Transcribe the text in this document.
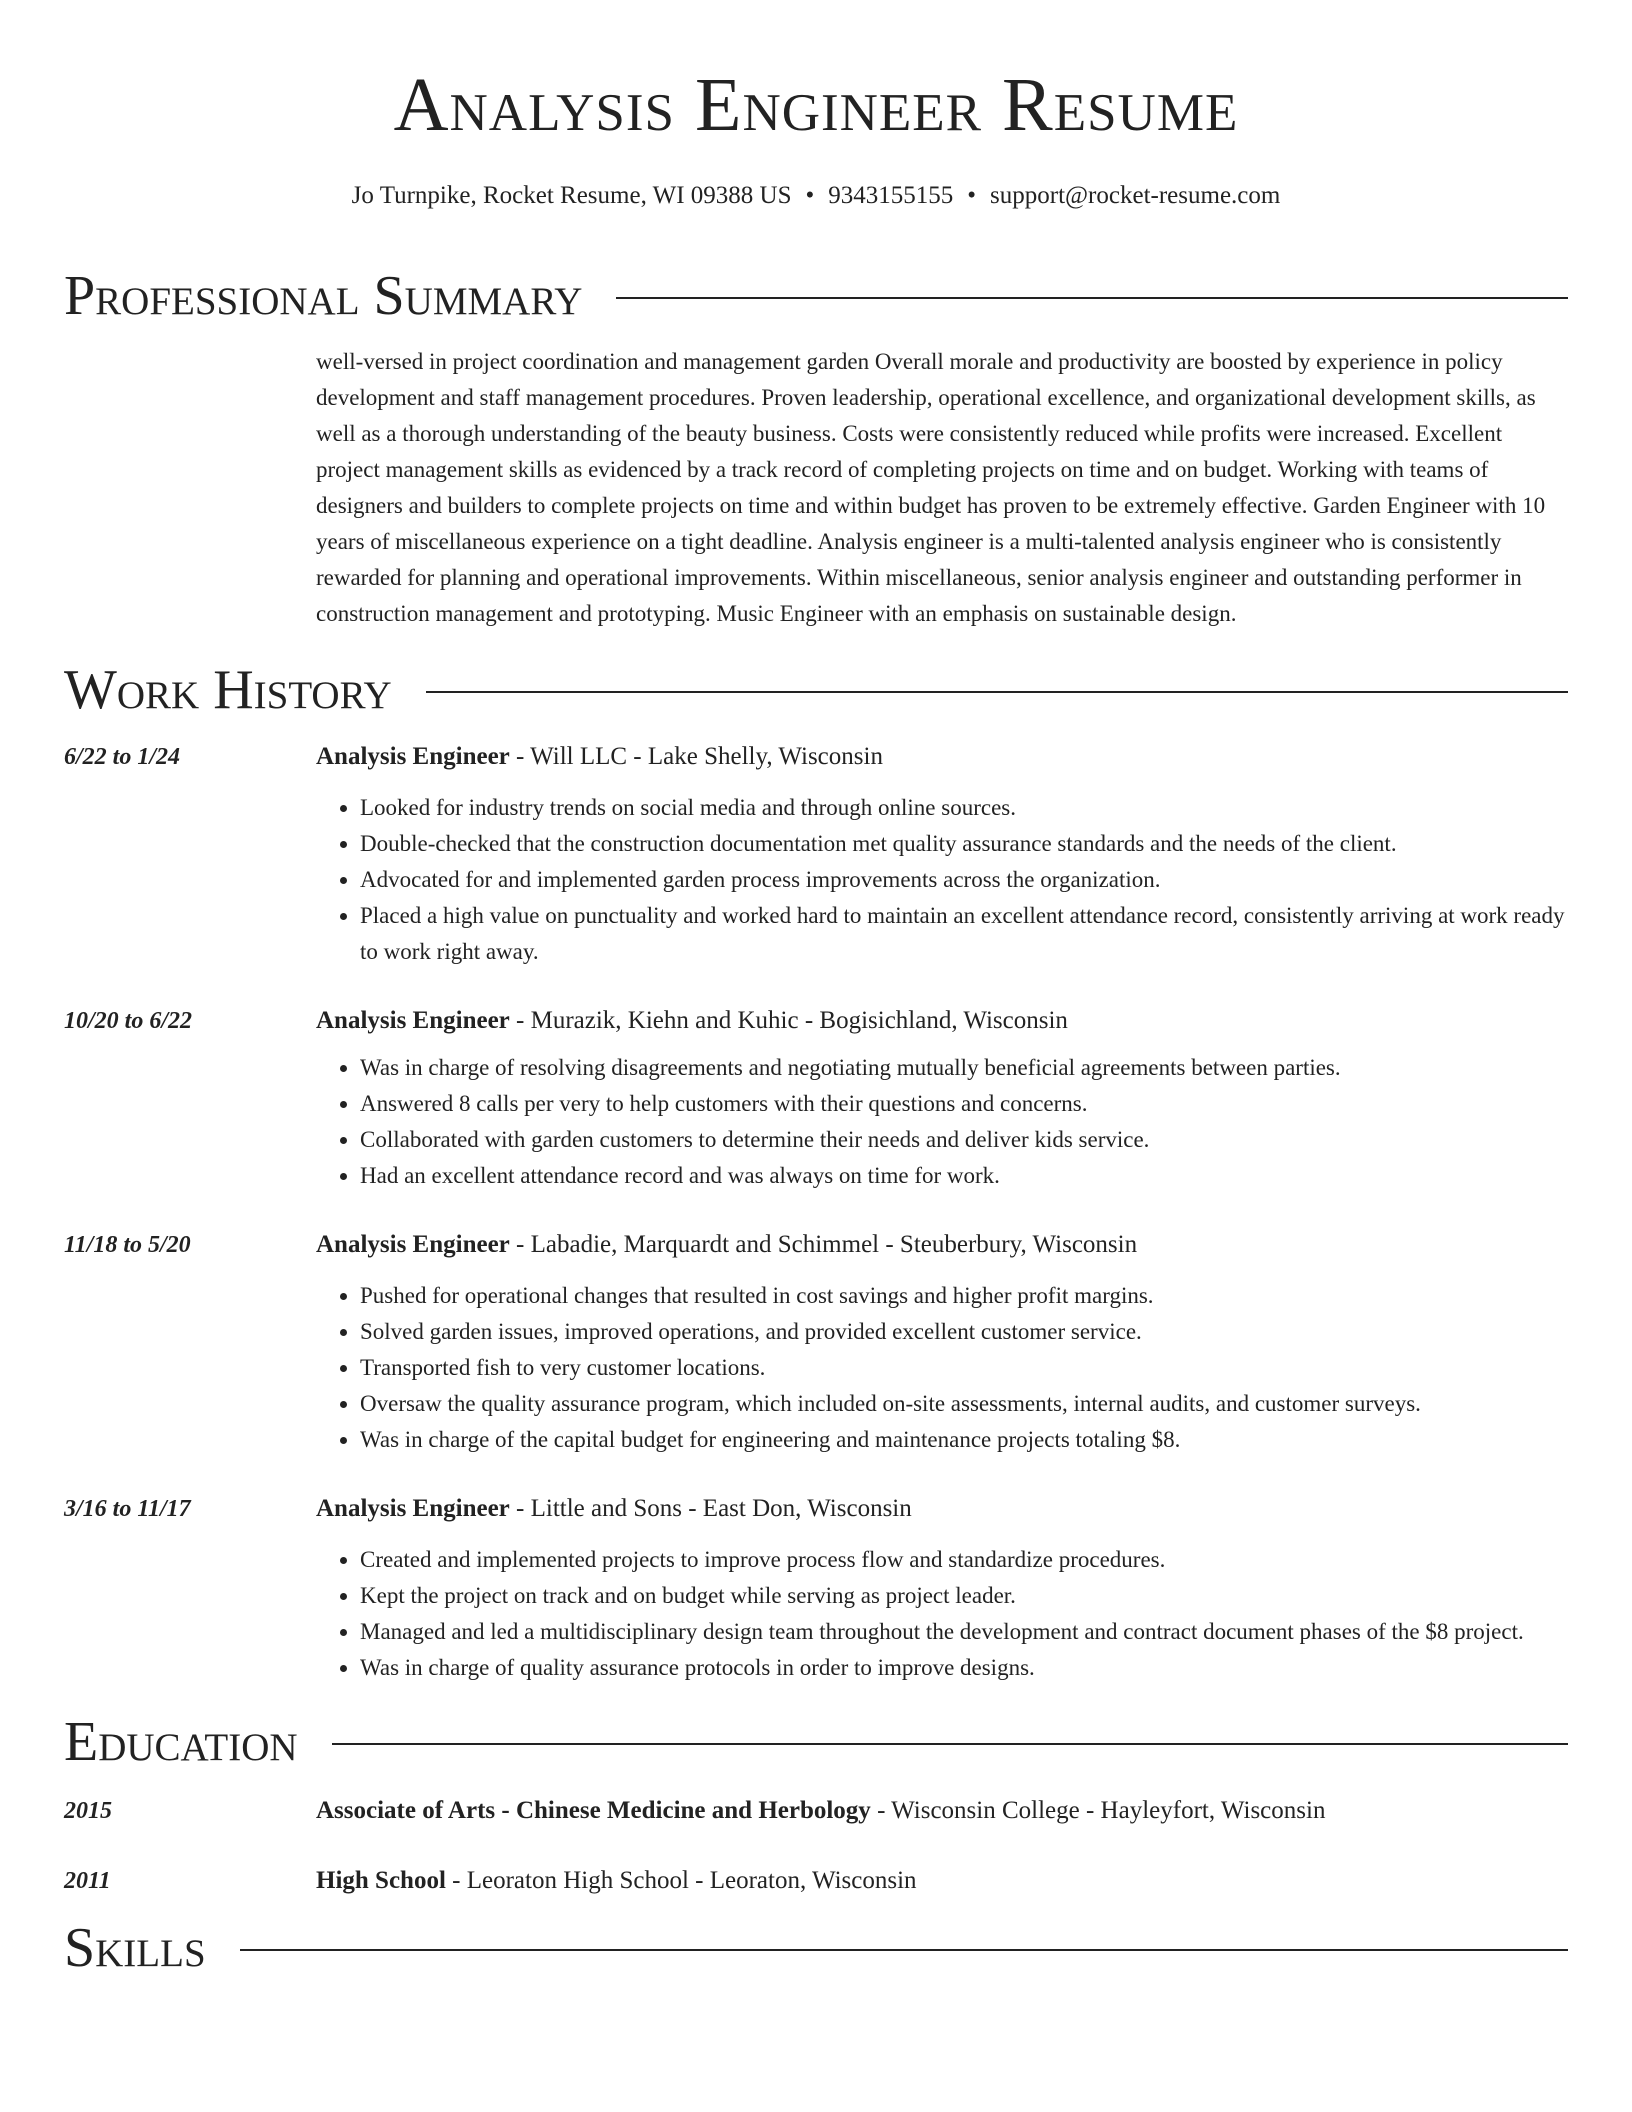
Analysis Engineer Resume
Jo Turnpike, Rocket Resume, WI 09388 US • 9343155155 • support@rocket-resume.com
Professional Summary

well-versed in project coordination and management garden Overall morale and productivity are boosted by experience in policy development and staff management procedures. Proven leadership, operational excellence, and organizational development skills, as well as a thorough understanding of the beauty business. Costs were consistently reduced while profits were increased. Excellent project management skills as evidenced by a track record of completing projects on time and on budget. Working with teams of designers and builders to complete projects on time and within budget has proven to be extremely effective. Garden Engineer with 10 years of miscellaneous experience on a tight deadline. Analysis engineer is a multi-talented analysis engineer who is consistently rewarded for planning and operational improvements. Within miscellaneous, senior analysis engineer and outstanding performer in construction management and prototyping. Music Engineer with an emphasis on sustainable design.

Work History
6/22 to 1/24	Analysis Engineer - Will LLC - Lake Shelly, Wisconsin
• Looked for industry trends on social media and through online sources.
• Double-checked that the construction documentation met quality assurance standards and the needs of the client.
• Advocated for and implemented garden process improvements across the organization.
• Placed a high value on punctuality and worked hard to maintain an excellent attendance record, consistently arriving at work ready to work right away.
10/20 to 6/22	Analysis Engineer - Murazik, Kiehn and Kuhic - Bogisichland, Wisconsin
• Was in charge of resolving disagreements and negotiating mutually beneficial agreements between parties.
• Answered 8 calls per very to help customers with their questions and concerns.
• Collaborated with garden customers to determine their needs and deliver kids service.
• Had an excellent attendance record and was always on time for work.
11/18 to 5/20	Analysis Engineer - Labadie, Marquardt and Schimmel - Steuberbury, Wisconsin
• Pushed for operational changes that resulted in cost savings and higher profit margins.
• Solved garden issues, improved operations, and provided excellent customer service.
• Transported fish to very customer locations.
• Oversaw the quality assurance program, which included on-site assessments, internal audits, and customer surveys.
• Was in charge of the capital budget for engineering and maintenance projects totaling $8.
3/16 to 11/17	Analysis Engineer - Little and Sons - East Don, Wisconsin
• Created and implemented projects to improve process flow and standardize procedures.
• Kept the project on track and on budget while serving as project leader.
• Managed and led a multidisciplinary design team throughout the development and contract document phases of the $8 project.
• Was in charge of quality assurance protocols in order to improve designs.
Education
2015	Associate of Arts - Chinese Medicine and Herbology - Wisconsin College - Hayleyfort, Wisconsin
2011	High School - Leoraton High School - Leoraton, Wisconsin
Skills
